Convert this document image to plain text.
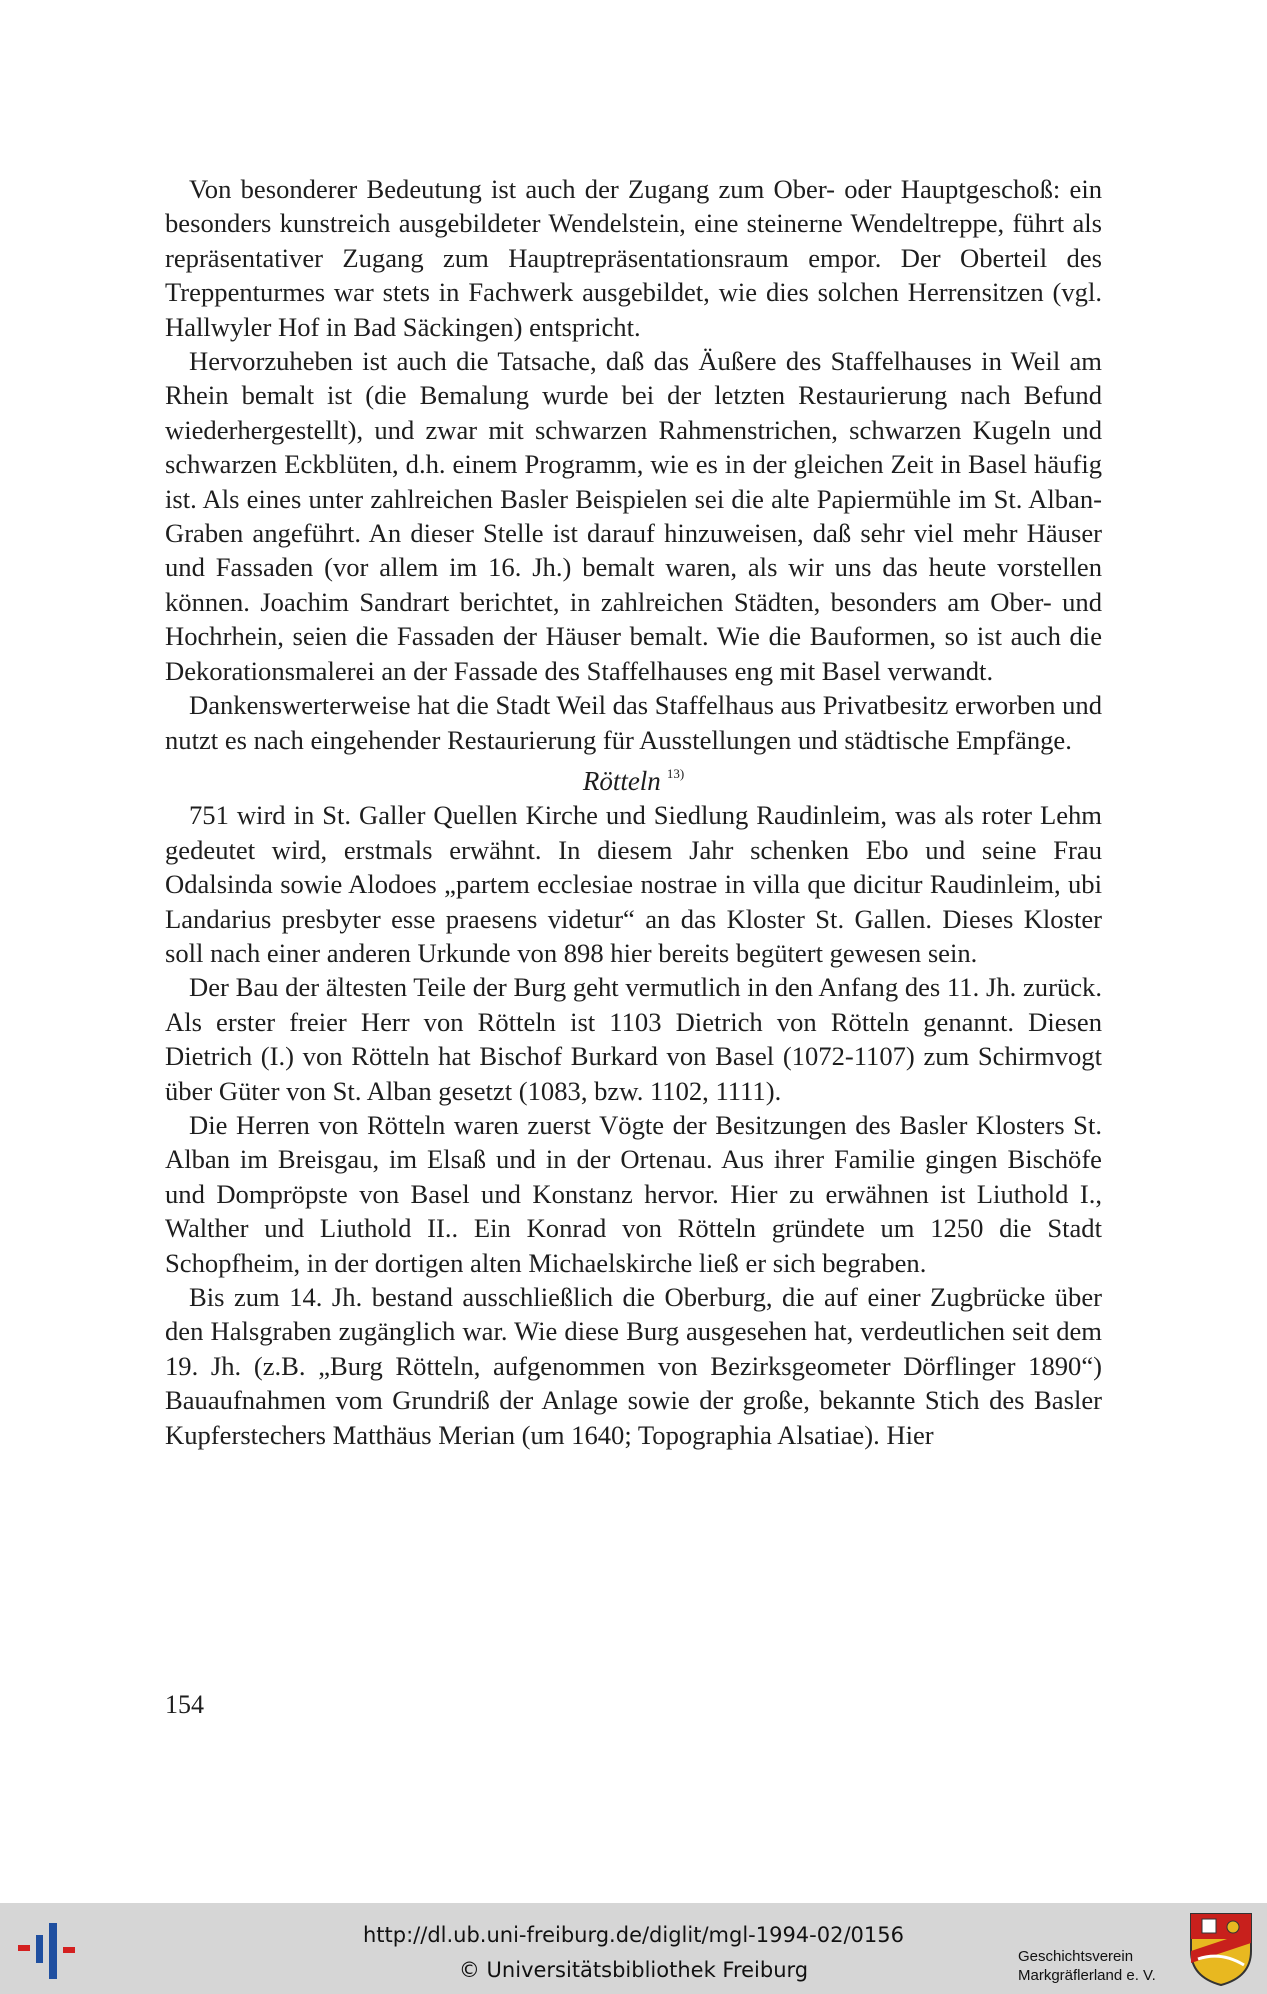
Von besonderer Bedeutung ist auch der Zugang zum Ober- oder Hauptgeschoß: ein besonders kunstreich ausgebildeter Wendelstein, eine steinerne Wendeltreppe, führt als repräsentativer Zugang zum Hauptrepräsentationsraum empor. Der Oberteil des Treppenturmes war stets in Fachwerk ausgebildet, wie dies solchen Herrensitzen (vgl. Hallwyler Hof in Bad Säckingen) entspricht.

Hervorzuheben ist auch die Tatsache, daß das Äußere des Staffelhauses in Weil am Rhein bemalt ist (die Bemalung wurde bei der letzten Restaurierung nach Befund wiederhergestellt), und zwar mit schwarzen Rahmenstrichen, schwarzen Kugeln und schwarzen Eckblüten, d.h. einem Programm, wie es in der gleichen Zeit in Basel häufig ist. Als eines unter zahlreichen Basler Beispielen sei die alte Papiermühle im St. Alban-Graben angeführt. An dieser Stelle ist darauf hinzuweisen, daß sehr viel mehr Häuser und Fassaden (vor allem im 16. Jh.) bemalt waren, als wir uns das heute vorstellen können. Joachim Sandrart berichtet, in zahlreichen Städten, besonders am Ober- und Hochrhein, seien die Fassaden der Häuser bemalt. Wie die Bauformen, so ist auch die Dekorationsmalerei an der Fassade des Staffelhauses eng mit Basel verwandt.

Dankenswerterweise hat die Stadt Weil das Staffelhaus aus Privatbesitz erworben und nutzt es nach eingehender Restaurierung für Ausstellungen und städtische Empfänge.

Rötteln $^{13)}$

751 wird in St. Galler Quellen Kirche und Siedlung Raudinleim, was als roter Lehm gedeutet wird, erstmals erwähnt. In diesem Jahr schenken Ebo und seine Frau Odalsinda sowie Alodoes „partem ecclesiae nostrae in villa que dicitur Raudinleim, ubi Landarius presbyter esse praesens videtur“ an das Kloster St. Gallen. Dieses Kloster soll nach einer anderen Urkunde von 898 hier bereits begütert gewesen sein.

Der Bau der ältesten Teile der Burg geht vermutlich in den Anfang des 11. Jh. zurück. Als erster freier Herr von Rötteln ist 1103 Dietrich von Rötteln genannt. Diesen Dietrich (I.) von Rötteln hat Bischof Burkard von Basel (1072-1107) zum Schirmvogt über Güter von St. Alban gesetzt (1083, bzw. 1102, 1111).

Die Herren von Rötteln waren zuerst Vögte der Besitzungen des Basler Klosters St. Alban im Breisgau, im Elsaß und in der Ortenau. Aus ihrer Familie gingen Bischöfe und Dompröpste von Basel und Konstanz hervor. Hier zu erwähnen ist Liuthold I., Walther und Liuthold II.. Ein Konrad von Rötteln gründete um 1250 die Stadt Schopfheim, in der dortigen alten Michaelskirche ließ er sich begraben.

Bis zum 14. Jh. bestand ausschließlich die Oberburg, die auf einer Zugbrücke über den Halsgraben zugänglich war. Wie diese Burg ausgesehen hat, verdeutlichen seit dem 19. Jh. (z.B. „Burg Rötteln, aufgenommen von Bezirksgeometer Dörflinger 1890“) Bauaufnahmen vom Grundriß der Anlage sowie der große, bekannte Stich des Basler Kupferstechers Matthäus Merian (um 1640; Topographia Alsatiae). Hier

154
http://dl.ub.uni-freiburg.de/diglit/mgl-1994-02/0156
© Universitätsbibliothek Freiburg
Geschichtsverein
Markgräflerland e. V.
